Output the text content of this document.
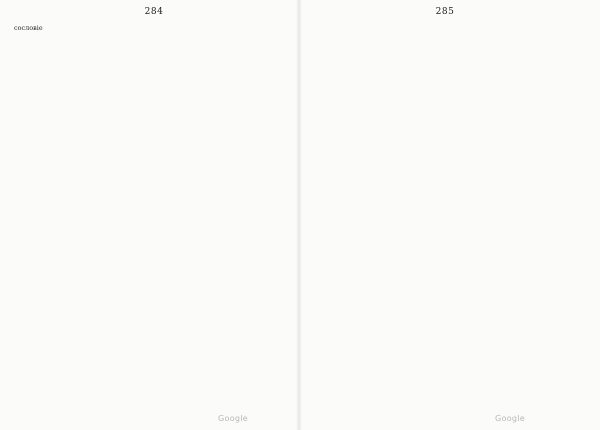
284
сословіе
285
Google	Google
